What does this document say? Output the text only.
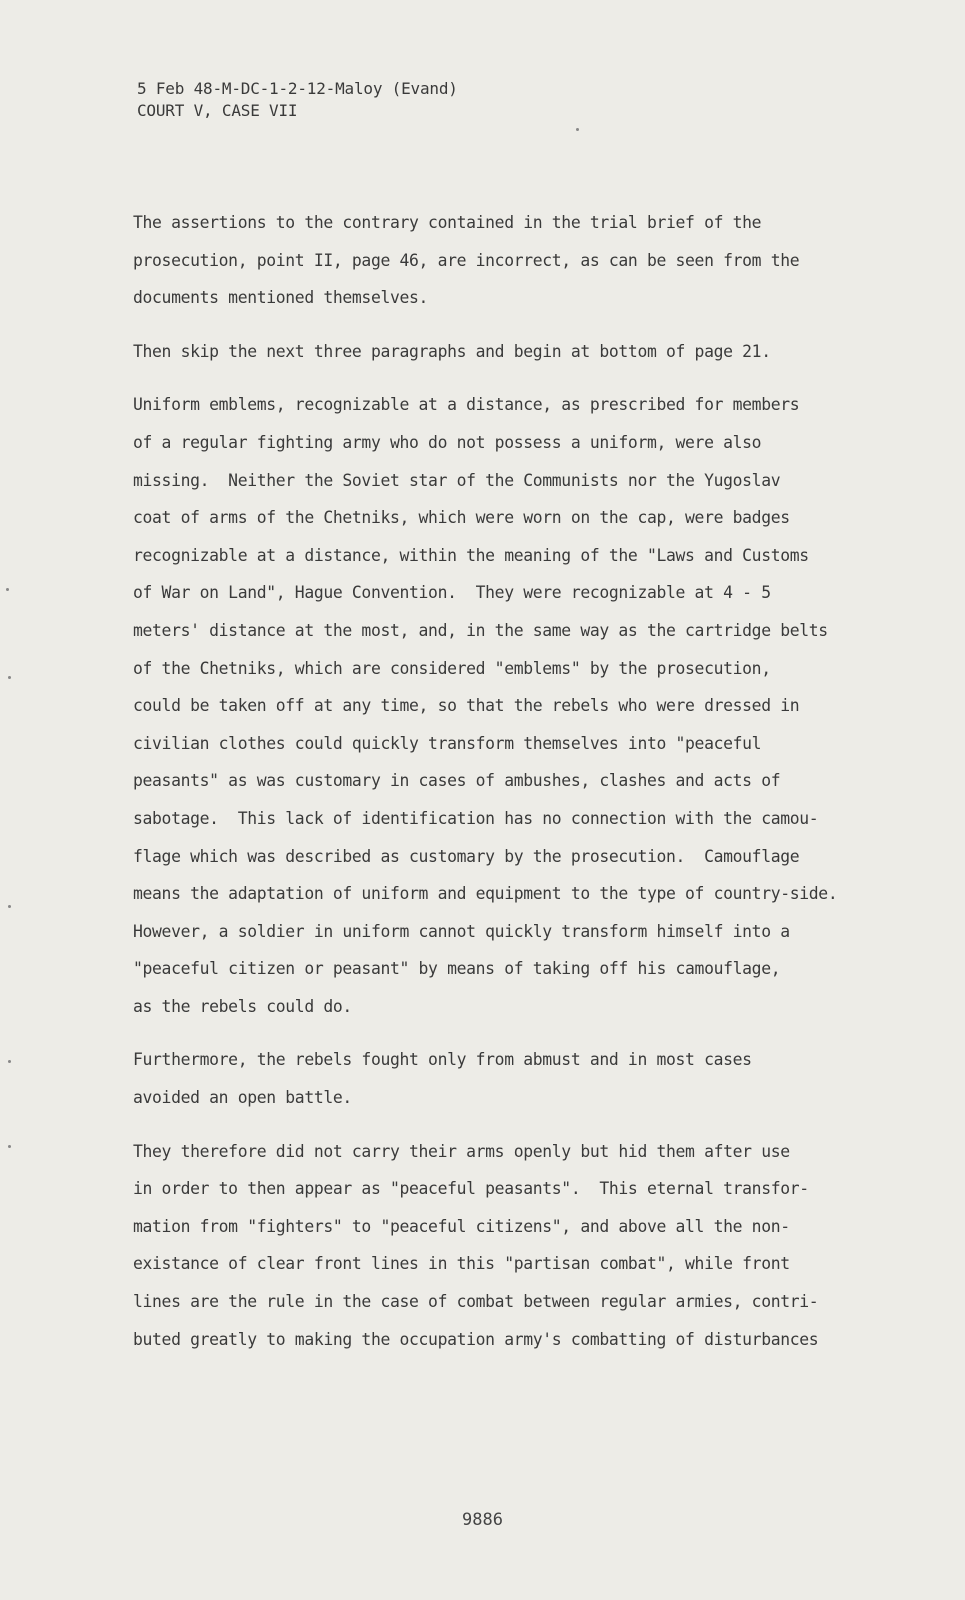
5 Feb 48-M-DC-1-2-12-Maloy (Evand)
COURT V, CASE VII
The assertions to the contrary contained in the trial brief of the
prosecution, point II, page 46, are incorrect, as can be seen from the
documents mentioned themselves.
Then skip the next three paragraphs and begin at bottom of page 21.
Uniform emblems, recognizable at a distance, as prescribed for members
of a regular fighting army who do not possess a uniform, were also
missing.  Neither the Soviet star of the Communists nor the Yugoslav
coat of arms of the Chetniks, which were worn on the cap, were badges
recognizable at a distance, within the meaning of the "Laws and Customs
of War on Land", Hague Convention.  They were recognizable at 4 - 5
meters' distance at the most, and, in the same way as the cartridge belts
of the Chetniks, which are considered "emblems" by the prosecution,
could be taken off at any time, so that the rebels who were dressed in
civilian clothes could quickly transform themselves into "peaceful
peasants" as was customary in cases of ambushes, clashes and acts of
sabotage.  This lack of identification has no connection with the camou-
flage which was described as customary by the prosecution.  Camouflage
means the adaptation of uniform and equipment to the type of country-side.
However, a soldier in uniform cannot quickly transform himself into a
"peaceful citizen or peasant" by means of taking off his camouflage,
as the rebels could do.
Furthermore, the rebels fought only from abmust and in most cases
avoided an open battle.
They therefore did not carry their arms openly but hid them after use
in order to then appear as "peaceful peasants".  This eternal transfor-
mation from "fighters" to "peaceful citizens", and above all the non-
existance of clear front lines in this "partisan combat", while front
lines are the rule in the case of combat between regular armies, contri-
buted greatly to making the occupation army's combatting of disturbances
9886
